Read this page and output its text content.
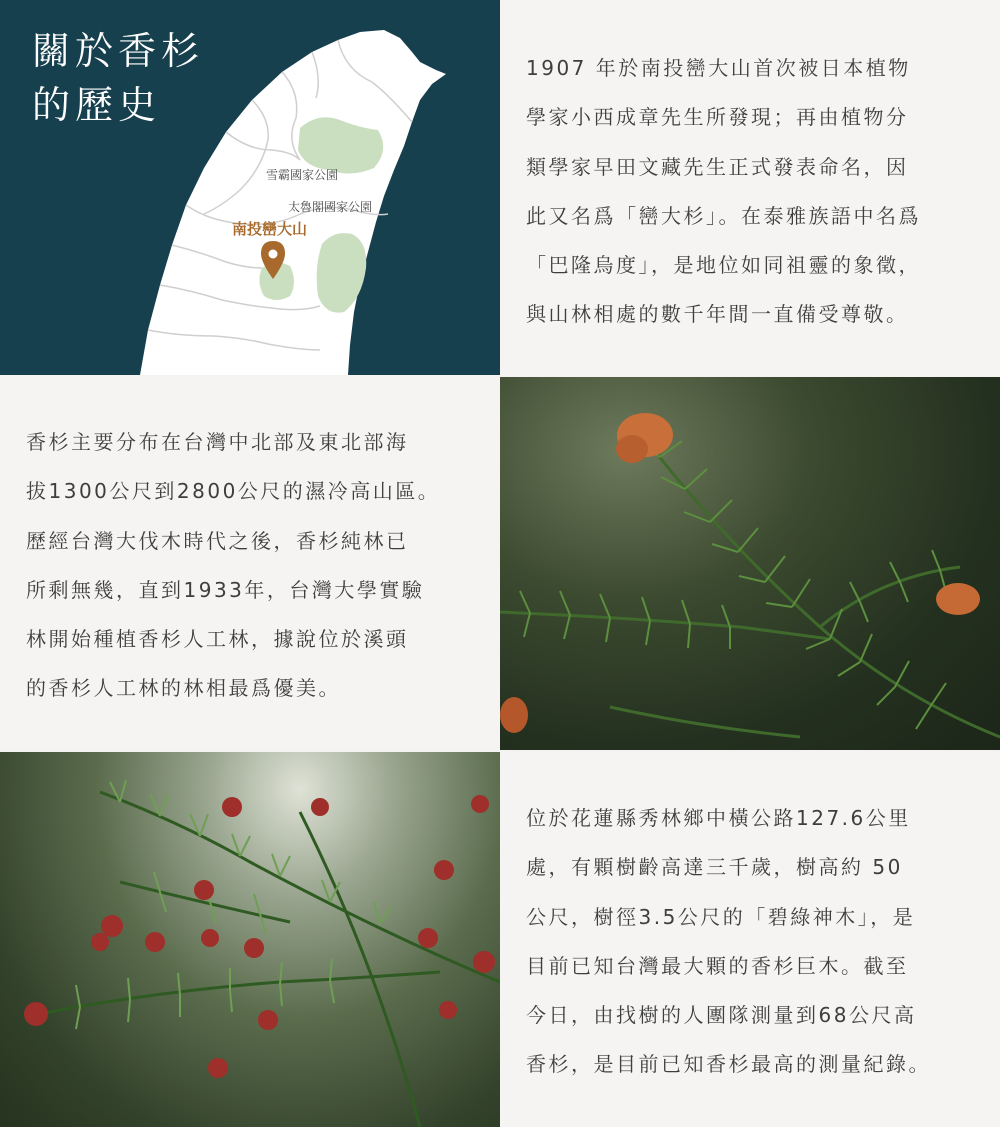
雪霸國家公園
太魯閣國家公園
南投巒大山
關於香杉
的歷史
1907 年於南投巒大山首次被日本植物
學家小西成章先生所發現；再由植物分
類學家早田文藏先生正式發表命名，因
此又名爲「巒大杉」。在泰雅族語中名爲
「巴隆烏度」，是地位如同祖靈的象徵，
與山林相處的數千年間一直備受尊敬。
香杉主要分布在台灣中北部及東北部海
拔1300公尺到2800公尺的濕冷高山區。
歷經台灣大伐木時代之後，香杉純林已
所剩無幾，直到1933年，台灣大學實驗
林開始種植香杉人工林，據說位於溪頭
的香杉人工林的林相最爲優美。
位於花蓮縣秀林鄉中橫公路127.6公里
處，有顆樹齡高達三千歲，樹高約 50
公尺，樹徑3.5公尺的「碧綠神木」，是
目前已知台灣最大顆的香杉巨木。截至
今日，由找樹的人團隊測量到68公尺高
香杉，是目前已知香杉最高的測量紀錄。
